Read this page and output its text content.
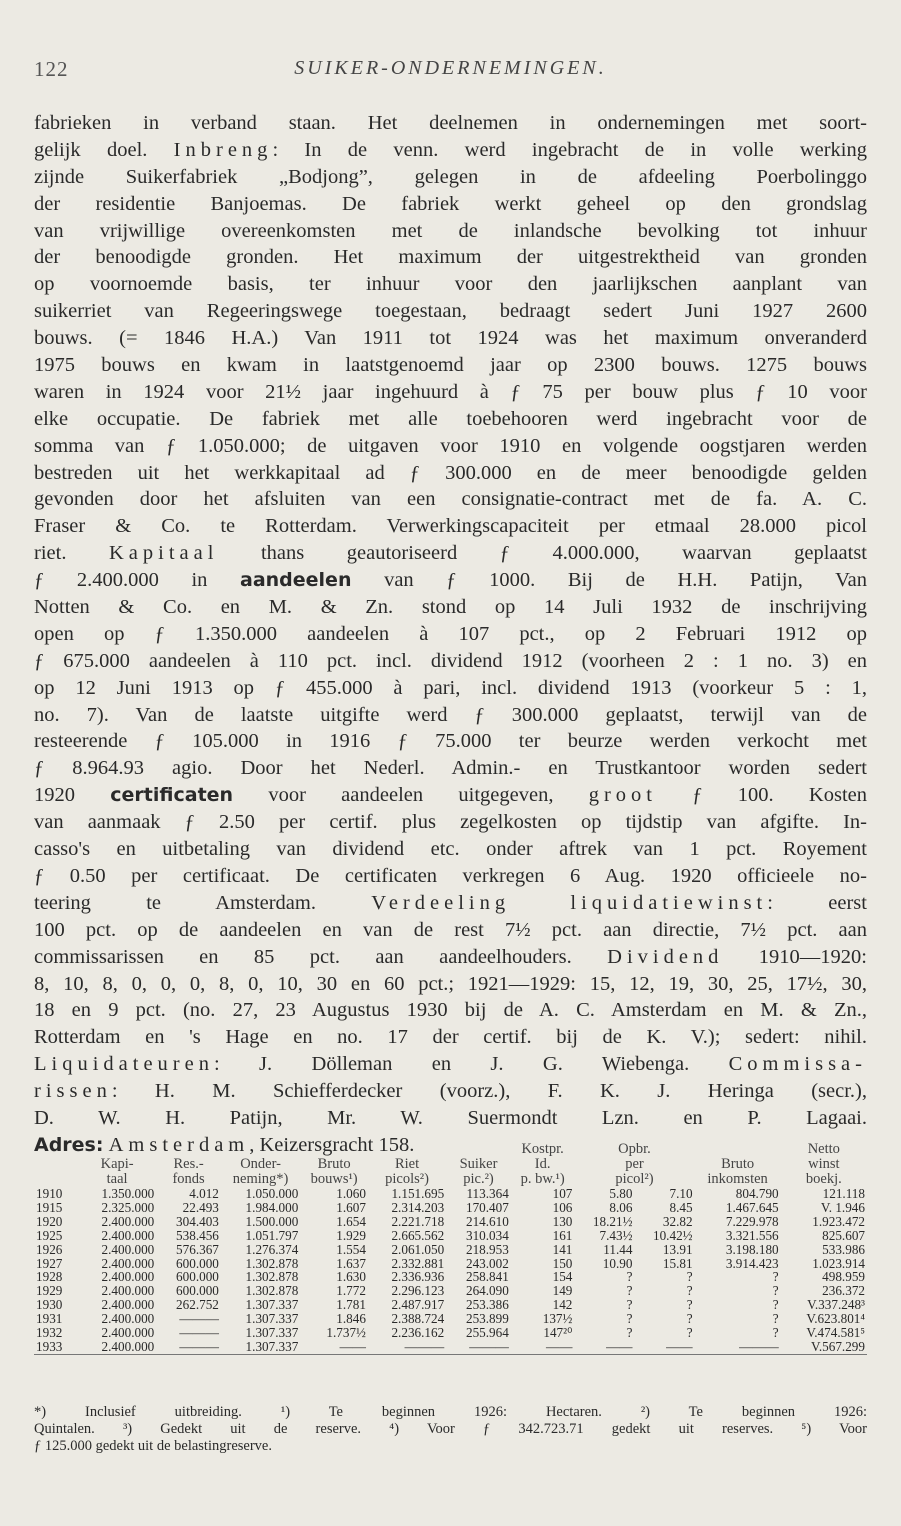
122	SUIKER-ONDERNEMINGEN.
fabrieken in verband staan. Het deelnemen in ondernemingen met soort-
gelijk doel. Inbreng: In de venn. werd ingebracht de in volle werking
zijnde Suikerfabriek „Bodjong”, gelegen in de afdeeling Poerbolinggo
der residentie Banjoemas. De fabriek werkt geheel op den grondslag
van vrijwillige overeenkomsten met de inlandsche bevolking tot inhuur
der benoodigde gronden. Het maximum der uitgestrektheid van gronden
op voornoemde basis, ter inhuur voor den jaarlijkschen aanplant van
suikerriet van Regeeringswege toegestaan, bedraagt sedert Juni 1927 2600
bouws. (= 1846 H.A.) Van 1911 tot 1924 was het maximum onveranderd
1975 bouws en kwam in laatstgenoemd jaar op 2300 bouws. 1275 bouws
waren in 1924 voor 21½ jaar ingehuurd à ƒ 75 per bouw plus ƒ 10 voor
elke occupatie. De fabriek met alle toebehooren werd ingebracht voor de
somma van ƒ 1.050.000; de uitgaven voor 1910 en volgende oogstjaren werden
bestreden uit het werkkapitaal ad ƒ 300.000 en de meer benoodigde gelden
gevonden door het afsluiten van een consignatie-contract met de fa. A. C.
Fraser & Co. te Rotterdam. Verwerkingscapaciteit per etmaal 28.000 picol
riet. Kapitaal thans geautoriseerd ƒ 4.000.000, waarvan geplaatst
ƒ 2.400.000 in aandeelen van ƒ 1000. Bij de H.H. Patijn, Van
Notten & Co. en M. & Zn. stond op 14 Juli 1932 de inschrijving
open op ƒ 1.350.000 aandeelen à 107 pct., op 2 Februari 1912 op
ƒ 675.000 aandeelen à 110 pct. incl. dividend 1912 (voorheen 2 : 1 no. 3) en
op 12 Juni 1913 op ƒ 455.000 à pari, incl. dividend 1913 (voorkeur 5 : 1,
no. 7). Van de laatste uitgifte werd ƒ 300.000 geplaatst, terwijl van de
resteerende ƒ 105.000 in 1916 ƒ 75.000 ter beurze werden verkocht met
ƒ 8.964.93 agio. Door het Nederl. Admin.- en Trustkantoor worden sedert
1920 certificaten voor aandeelen uitgegeven, groot ƒ 100. Kosten
van aanmaak ƒ 2.50 per certif. plus zegelkosten op tijdstip van afgifte. In-
casso's en uitbetaling van dividend etc. onder aftrek van 1 pct. Royement
ƒ 0.50 per certificaat. De certificaten verkregen 6 Aug. 1920 officieele no-
teering te Amsterdam. Verdeeling liquidatiewinst: eerst
100 pct. op de aandeelen en van de rest 7½ pct. aan directie, 7½ pct. aan
commissarissen en 85 pct. aan aandeelhouders. Dividend 1910—1920:
8, 10, 8, 0, 0, 0, 8, 0, 10, 30 en 60 pct.; 1921—1929: 15, 12, 19, 30, 25, 17½, 30,
18 en 9 pct. (no. 27, 23 Augustus 1930 bij de A. C. Amsterdam en M. & Zn.,
Rotterdam en 's Hage en no. 17 der certif. bij de K. V.); sedert: nihil.
Liquidateuren: J. Dölleman en J. G. Wiebenga. Commissa-
rissen: H. M. Schiefferdecker (voorz.), F. K. J. Heringa (secr.),
D. W. H. Patijn, Mr. W. Suermondt Lzn. en P. Lagaai.
Adres: Amsterdam, Keizersgracht 158.
								Kostpr.	Opbr.			Netto
	Kapi-	Res.-	Onder-	Bruto	Riet	Suiker	Id.	per		Bruto	winst
	taal	fonds	neming*)	bouws¹)	picols²)	pic.²)	p. bw.¹)	picol²)		inkomsten	boekj.
1910	1.350.000	4.012	1.050.000	1.060	1.151.695	113.364	107	5.80	7.10	804.790	121.118
1915	2.325.000	22.493	1.984.000	1.607	2.314.203	170.407	106	8.06	8.45	1.467.645	V. 1.946
1920	2.400.000	304.403	1.500.000	1.654	2.221.718	214.610	130	18.21½	32.82	7.229.978	1.923.472
1925	2.400.000	538.456	1.051.797	1.929	2.665.562	310.034	161	7.43½	10.42½	3.321.556	825.607
1926	2.400.000	576.367	1.276.374	1.554	2.061.050	218.953	141	11.44	13.91	3.198.180	533.986
1927	2.400.000	600.000	1.302.878	1.637	2.332.881	243.002	150	10.90	15.81	3.914.423	1.023.914
1928	2.400.000	600.000	1.302.878	1.630	2.336.936	258.841	154	?	?	?	498.959
1929	2.400.000	600.000	1.302.878	1.772	2.296.123	264.090	149	?	?	?	236.372
1930	2.400.000	262.752	1.307.337	1.781	2.487.917	253.386	142	?	?	?	V.337.248³
1931	2.400.000	———	1.307.337	1.846	2.388.724	253.899	137½	?	?	?	V.623.801⁴
1932	2.400.000	———	1.307.337	1.737½	2.236.162	255.964	147²⁰	?	?	?	V.474.581⁵
1933	2.400.000	———	1.307.337	——	———	———	——	——	——	———	V.567.299
*) Inclusief uitbreiding. ¹) Te beginnen 1926: Hectaren. ²) Te beginnen 1926:
Quintalen. ³) Gedekt uit de reserve. ⁴) Voor ƒ 342.723.71 gedekt uit reserves. ⁵) Voor
ƒ 125.000 gedekt uit de belastingreserve.
